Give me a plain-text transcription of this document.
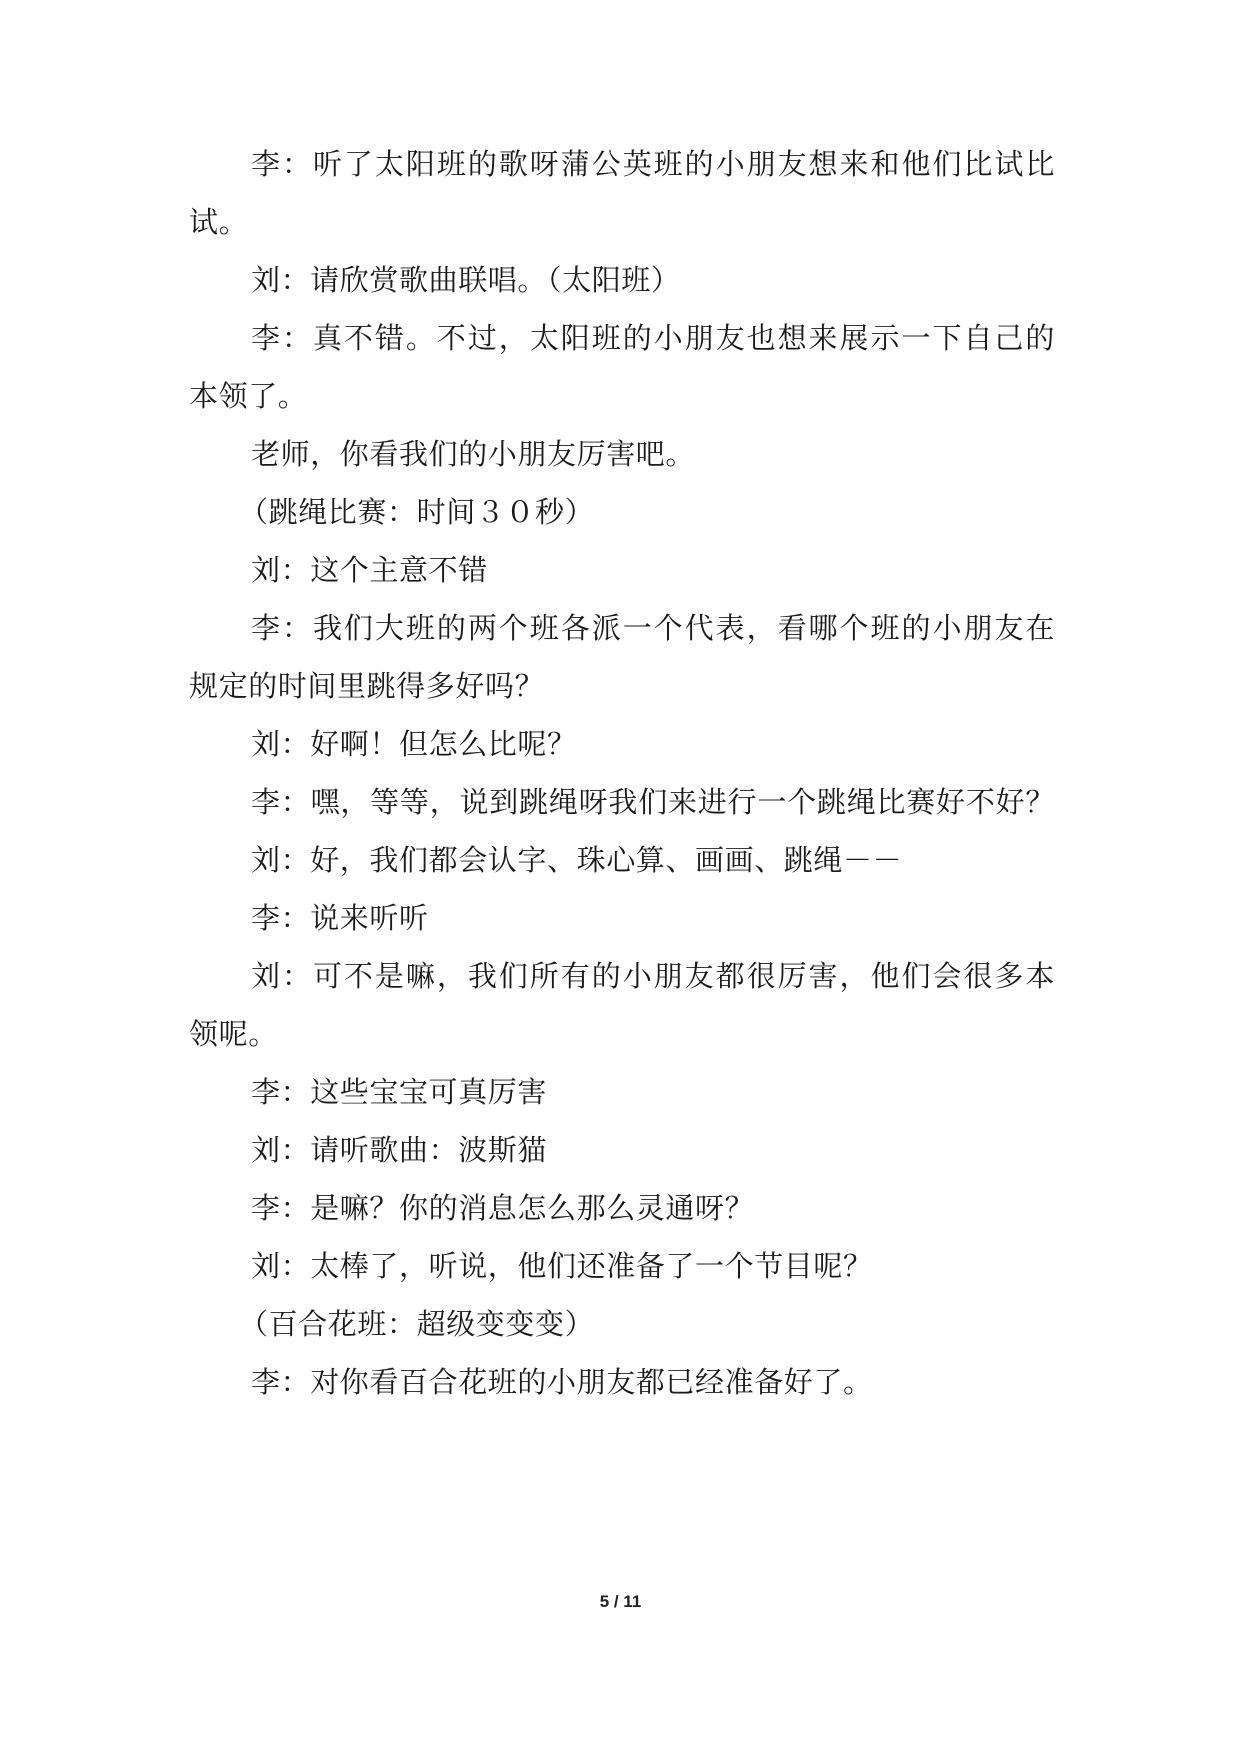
李：听了太阳班的歌呀蒲公英班的小朋友想来和他们比试比
试。
刘：请欣赏歌曲联唱。（太阳班）
李：真不错。不过，太阳班的小朋友也想来展示一下自己的
本领了。
老师，你看我们的小朋友厉害吧。
（跳绳比赛：时间３０秒）
刘：这个主意不错
李：我们大班的两个班各派一个代表，看哪个班的小朋友在
规定的时间里跳得多好吗？
刘：好啊！但怎么比呢？
李：嘿，等等，说到跳绳呀我们来进行一个跳绳比赛好不好？
刘：好，我们都会认字、珠心算、画画、跳绳－－
李：说来听听
刘：可不是嘛，我们所有的小朋友都很厉害，他们会很多本
领呢。
李：这些宝宝可真厉害
刘：请听歌曲：波斯猫
李：是嘛？你的消息怎么那么灵通呀？
刘：太棒了，听说，他们还准备了一个节目呢？
（百合花班：超级变变变）
李：对你看百合花班的小朋友都已经准备好了。
5 / 11
